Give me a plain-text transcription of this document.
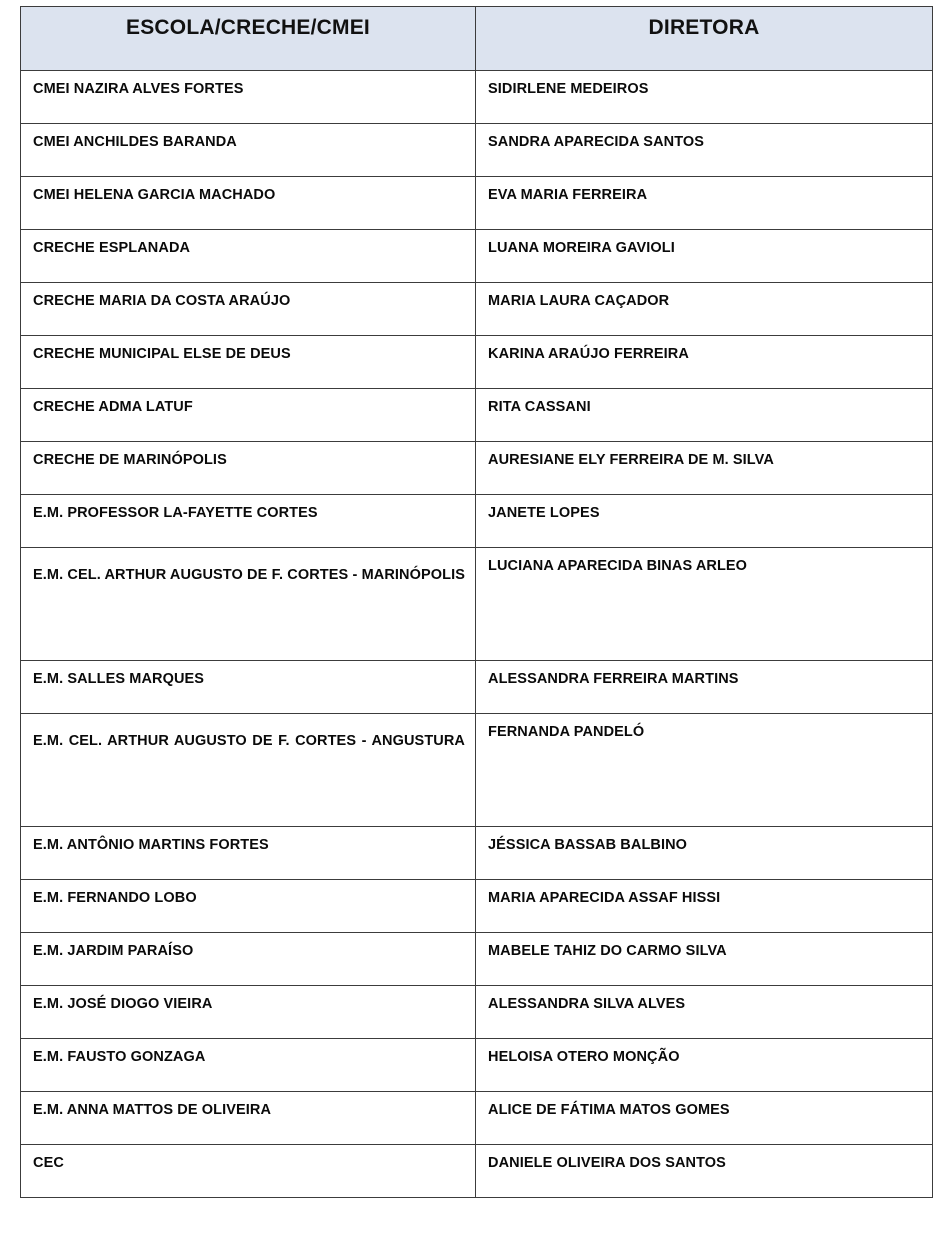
ESCOLA/CRECHE/CMEI	DIRETORA
CMEI NAZIRA ALVES FORTES	SIDIRLENE MEDEIROS
CMEI ANCHILDES BARANDA	SANDRA APARECIDA SANTOS
CMEI HELENA GARCIA MACHADO	EVA MARIA FERREIRA
CRECHE ESPLANADA	LUANA MOREIRA GAVIOLI
CRECHE MARIA DA COSTA ARAÚJO	MARIA LAURA CAÇADOR
CRECHE MUNICIPAL ELSE DE DEUS	KARINA ARAÚJO FERREIRA
CRECHE ADMA LATUF	RITA CASSANI
CRECHE DE MARINÓPOLIS	AURESIANE ELY FERREIRA DE M. SILVA
E.M. PROFESSOR LA-FAYETTE CORTES	JANETE LOPES
E.M. CEL. ARTHUR AUGUSTO DE F. CORTES - MARINÓPOLIS	LUCIANA APARECIDA BINAS ARLEO
E.M. SALLES MARQUES	ALESSANDRA FERREIRA MARTINS
E.M. CEL. ARTHUR AUGUSTO DE F. CORTES - ANGUSTURA	FERNANDA PANDELÓ
E.M. ANTÔNIO MARTINS FORTES	JÉSSICA BASSAB BALBINO
E.M. FERNANDO LOBO	MARIA APARECIDA ASSAF HISSI
E.M. JARDIM PARAÍSO	MABELE TAHIZ DO CARMO SILVA
E.M. JOSÉ DIOGO VIEIRA	ALESSANDRA SILVA ALVES
E.M. FAUSTO GONZAGA	HELOISA OTERO MONÇÃO
E.M. ANNA MATTOS DE OLIVEIRA	ALICE DE FÁTIMA MATOS GOMES
CEC	DANIELE OLIVEIRA DOS SANTOS
